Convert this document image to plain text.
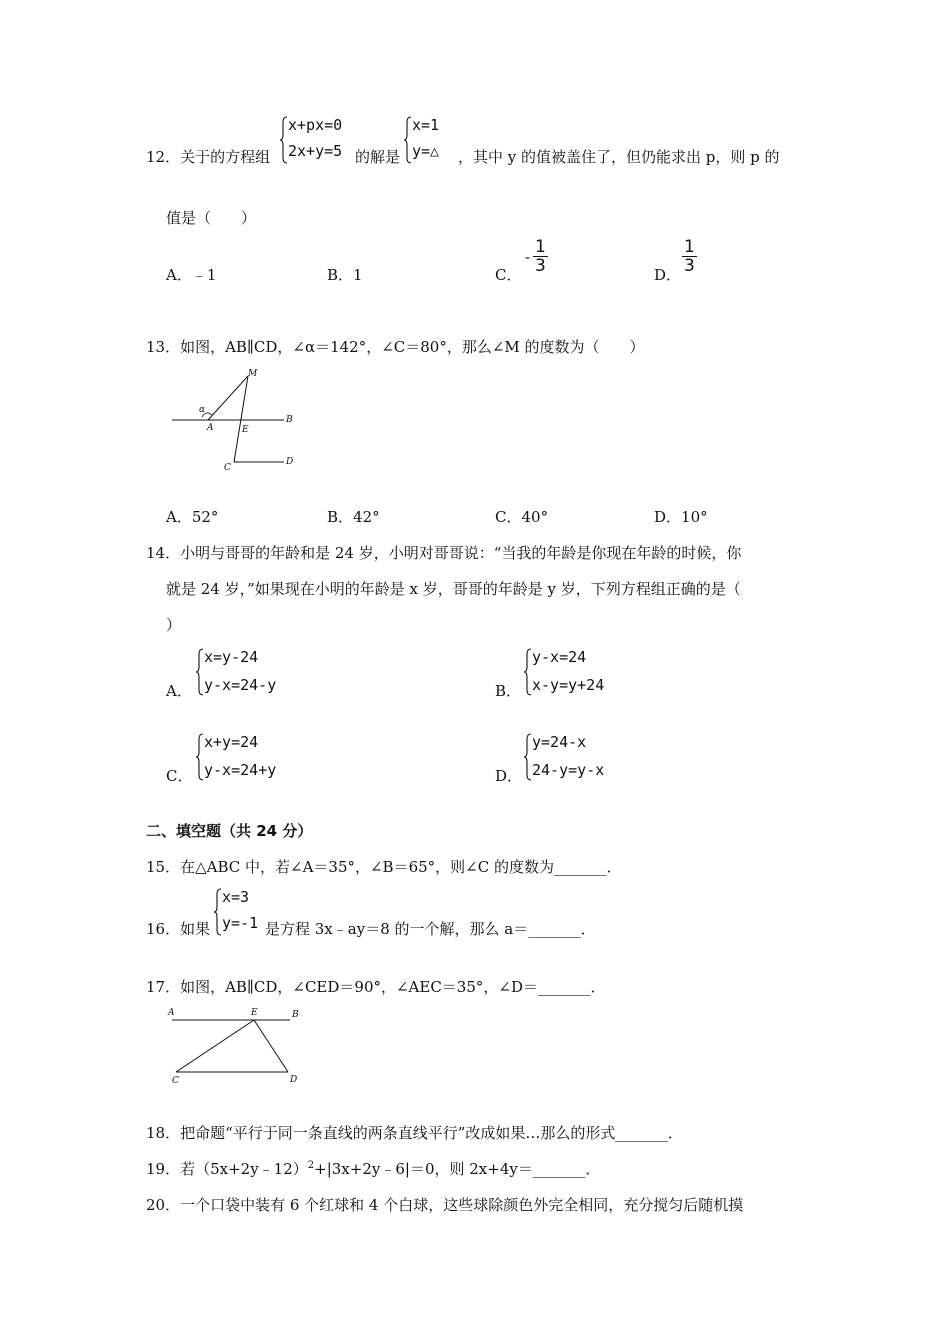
12．关于的方程组
x+px=0
2x+y=5 的解是
x=1
y=△ ，其中 y 的值被盖住了，但仍能求出 p，则 p 的
值是（　　）
A．﹣1	B．1	C．
- $\frac{1}{3}$	D． $\frac{1}{3}$
13．如图，AB∥CD，∠α＝142°，∠C＝80°，那么∠M 的度数为（　　）
M
α
A	E
B
C
D
A．52°	B．42°	C．40°	D．10°
14．小明与哥哥的年龄和是 24 岁，小明对哥哥说：“当我的年龄是你现在年龄的时候，你
就是 24 岁，”如果现在小明的年龄是 x 岁，哥哥的年龄是 y 岁，下列方程组正确的是（
）
A．
x=y-24
y-x=24-y	B．
y-x=24
x-y=y+24
C．
x+y=24
y-x=24+y	D．
y=24-x
24-y=y-x
二、填空题（共 24 分）
15．在△ABC 中，若∠A＝35°，∠B＝65°，则∠C 的度数为_______．
16．如果
x=3
y=-1 是方程 3x﹣ay＝8 的一个解，那么 a＝_______．
17．如图，AB∥CD，∠CED＝90°，∠AEC＝35°，∠D＝_______．
A	E	B
C	D
18．把命题“平行于同一条直线的两条直线平行”改成如果…那么的形式_______．
19．若（5x+2y﹣12）$^2$+|3x+2y﹣6|＝0，则 2x+4y＝_______．
20．一个口袋中装有 6 个红球和 4 个白球，这些球除颜色外完全相同，充分搅匀后随机摸
